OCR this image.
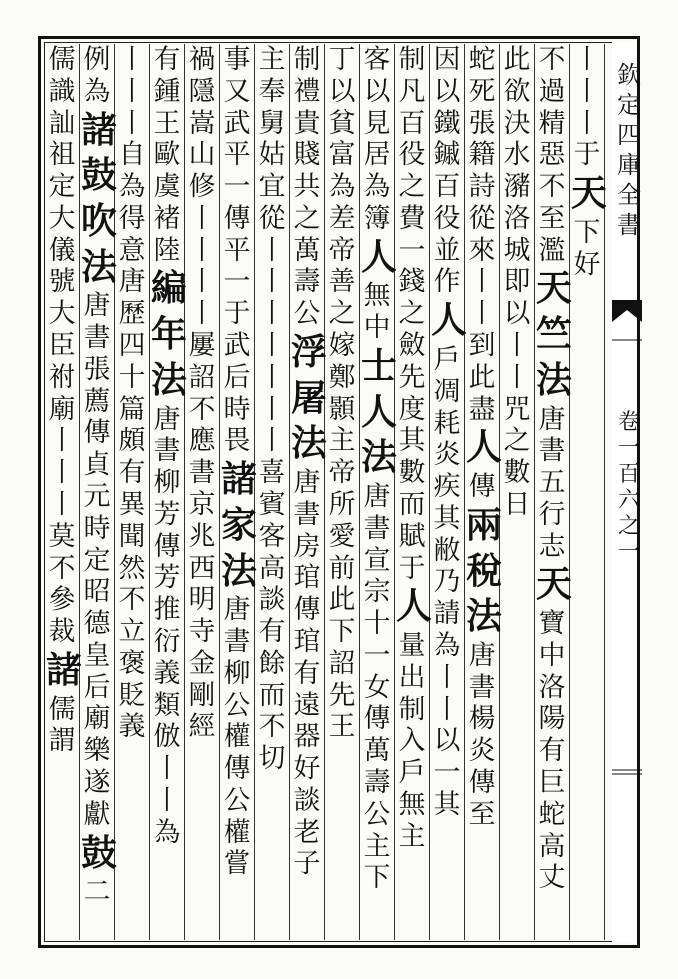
欽
定
四
庫
全
書
卷
一
百
六
之
一
丨
丨
丨
于
天
下
好
不
過
精
惡
不
至
濫
天
竺
法
唐
書
五
行
志
天
寶
中
洛
陽
有
巨
蛇
高
丈
此
欲
決
水
瀦
洛
城
即
以
丨
丨
咒
之
數
日
蛇
死
張
籍
詩
從
來
丨
丨
到
此
盡
人
傳
兩
稅
法
唐
書
楊
炎
傳
至
因
以
鐵
鏚
百
役
並
作
人
戶
凋
耗
炎
疾
其
敝
乃
請
為
丨
丨
以
一
其
制
凡
百
役
之
費
一
錢
之
斂
先
度
其
數
而
賦
于
人
量
出
制
入
戶
無
主
客
以
見
居
為
簿
人
無
中
士
人
法
唐
書
宣
宗
十
一
女
傳
萬
壽
公
主
下
丁
以
貧
富
為
差
帝
善
之
嫁
鄭
顥
主
帝
所
愛
前
此
下
詔
先
王
制
禮
貴
賤
共
之
萬
壽
公
浮
屠
法
唐
書
房
琯
傳
琯
有
遠
器
好
談
老
子
主
奉
舅
姑
宜
從
丨
丨
丨
丨
丨
丨
丨
喜
賓
客
高
談
有
餘
而
不
切
事
又
武
平
一
傳
平
一
于
武
后
時
畏
諸
家
法
唐
書
柳
公
權
傳
公
權
嘗
禍
隱
嵩
山
修
丨
丨
丨
丨
屢
詔
不
應
書
京
兆
西
明
寺
金
剛
經
有
鍾
王
歐
虞
褚
陸
編
年
法
唐
書
柳
芳
傳
芳
推
衍
義
類
倣
丨
丨
為
丨
丨
丨
自
為
得
意
唐
歷
四
十
篇
頗
有
異
聞
然
不
立
褒
貶
義
例
為
諸
鼓
吹
法
唐
書
張
薦
傳
貞
元
時
定
昭
德
皇
后
廟
樂
遂
獻
鼓
二
儒
識
訕
祖
定
大
儀
號
大
臣
祔
廟
丨
丨
丨
莫
不
參
裁
諸
儒
謂
